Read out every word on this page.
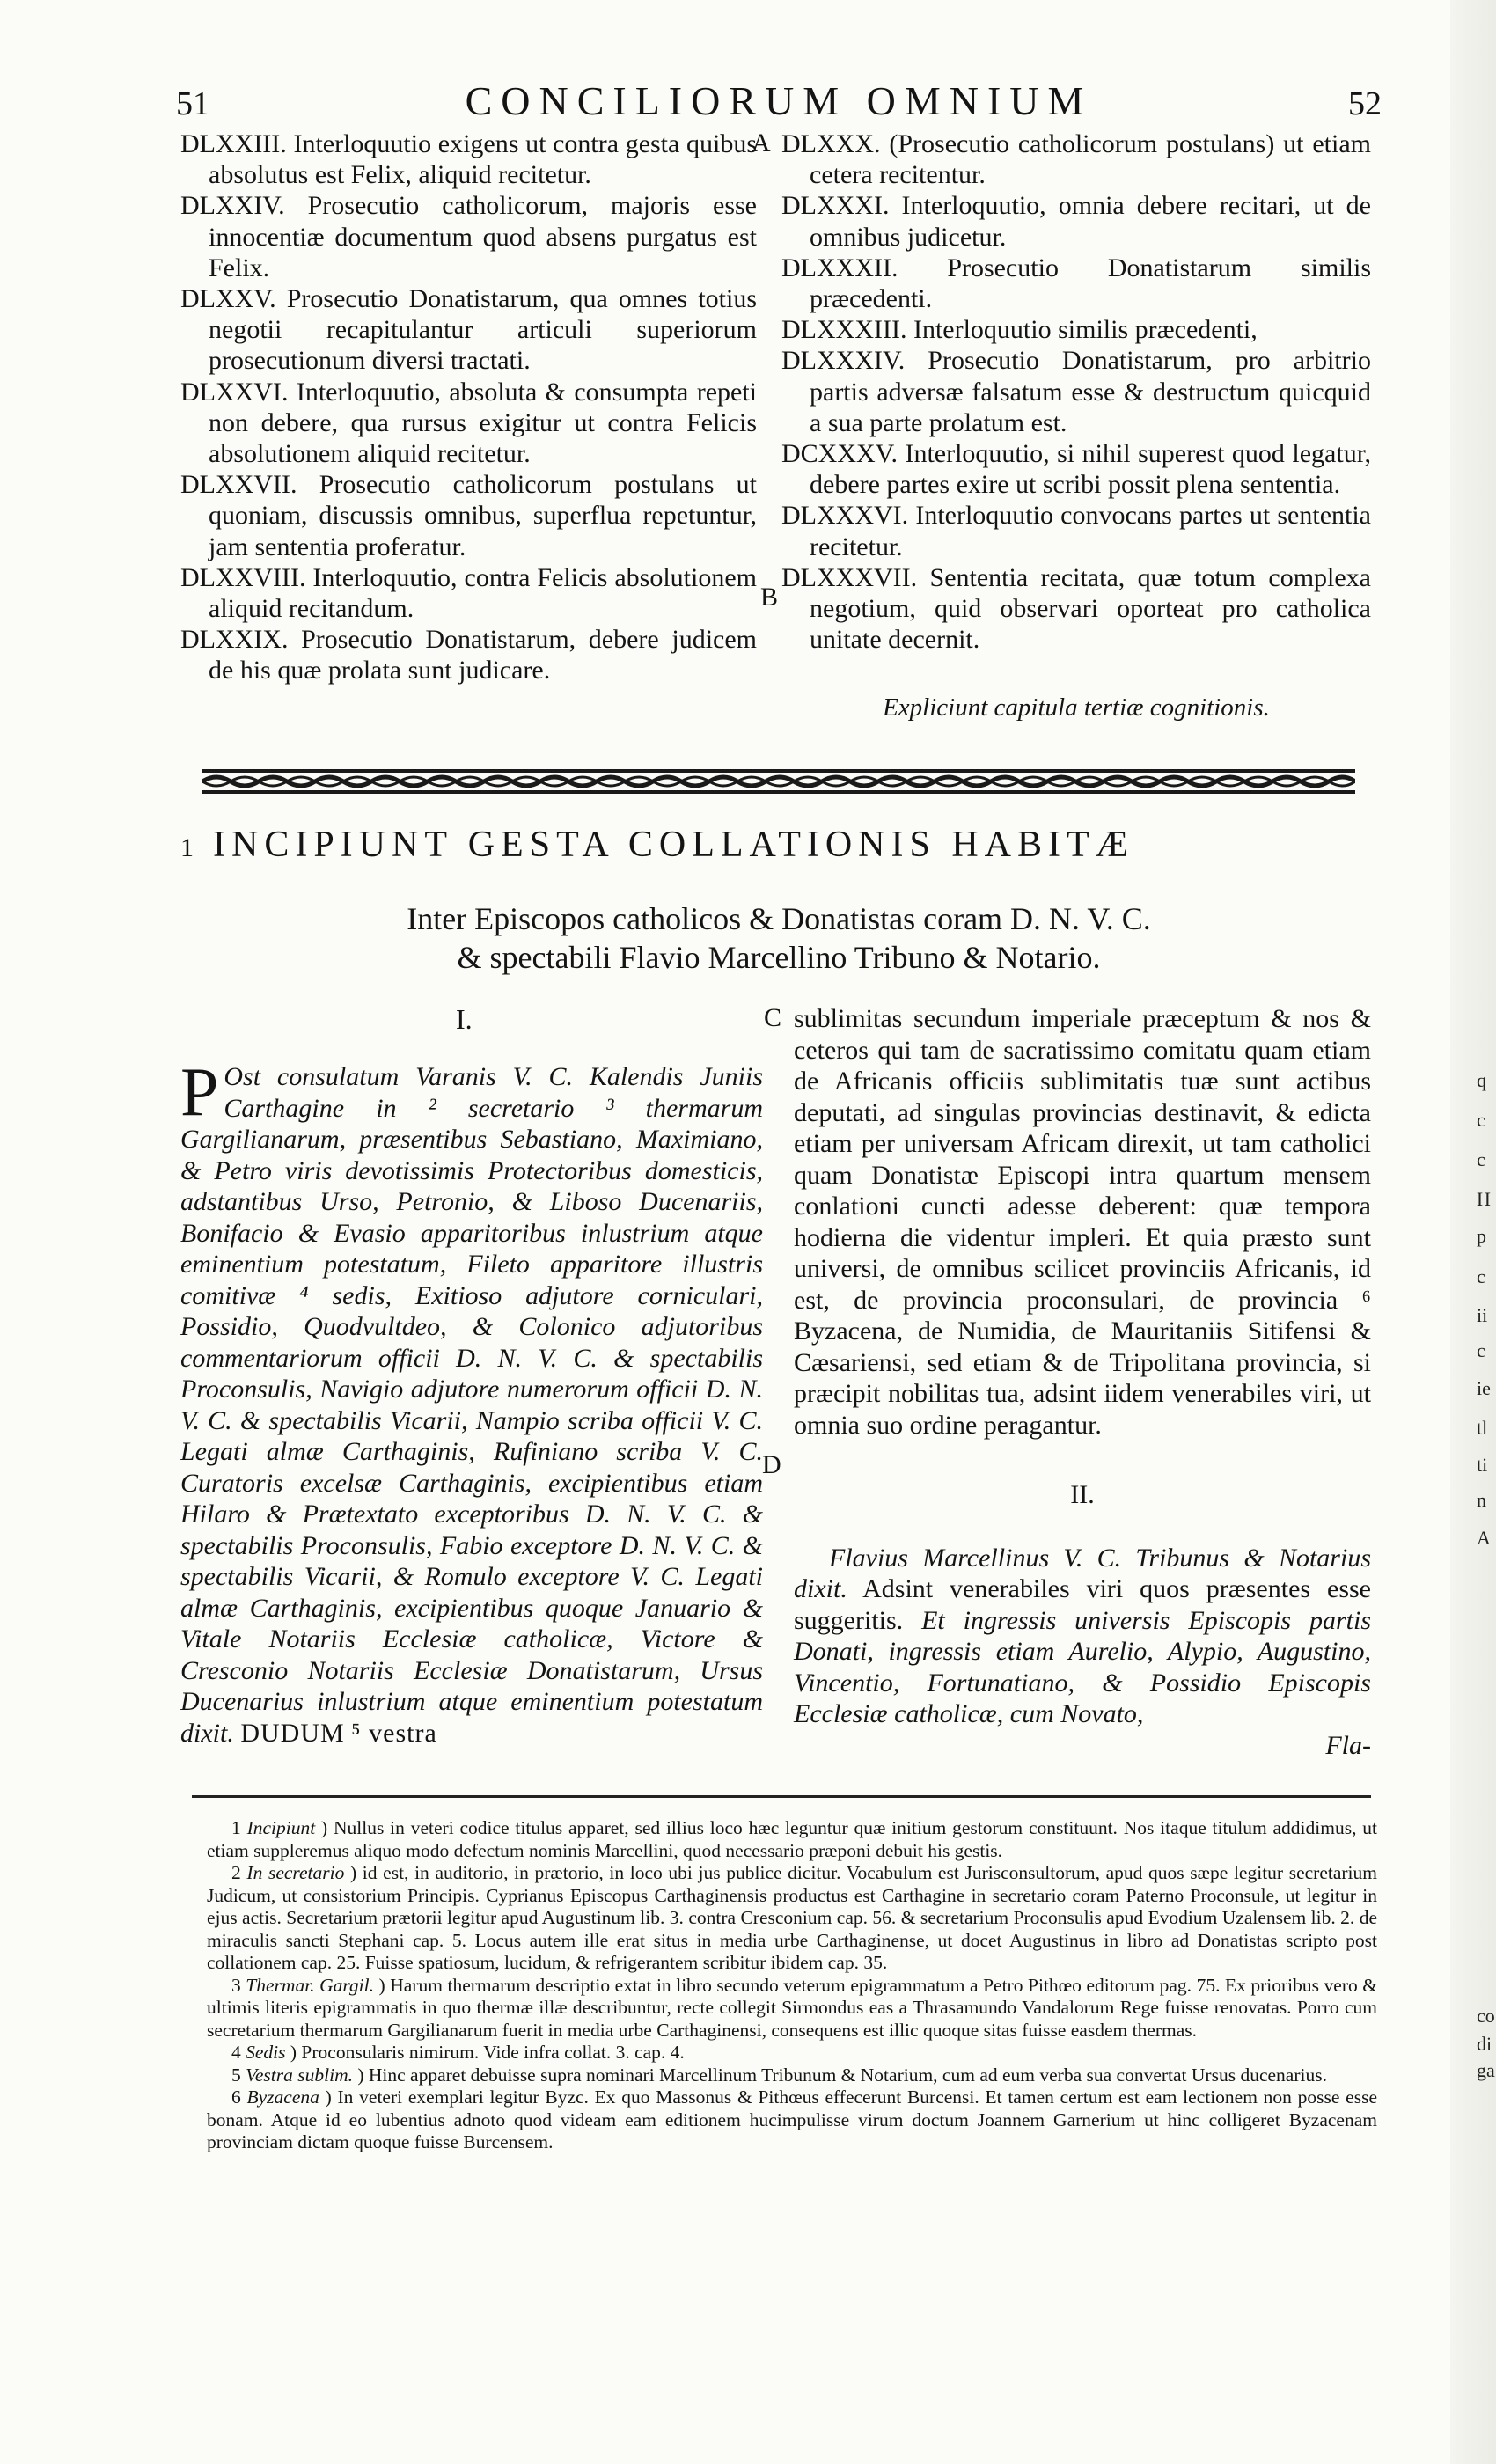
51	CONCILIORUM OMNIUM	52

DLXXIII. Interloquutio exigens ut contra gesta quibus absolutus est Felix, aliquid recitetur.

DLXXIV. Prosecutio catholicorum, majoris esse innocentiæ documentum quod absens purgatus est Felix.

DLXXV. Prosecutio Donatistarum, qua omnes totius negotii recapitulantur articuli superiorum prosecutionum diversi tractati.

DLXXVI. Interloquutio, absoluta & consumpta repeti non debere, qua rursus exigitur ut contra Felicis absolutionem aliquid recitetur.

DLXXVII. Prosecutio catholicorum postulans ut quoniam, discussis omnibus, superflua repetuntur, jam sententia proferatur.

DLXXVIII. Interloquutio, contra Felicis absolutionem aliquid recitandum.

DLXXIX. Prosecutio Donatistarum, debere judicem de his quæ prolata sunt judicare.

A
B

DLXXX. (Prosecutio catholicorum postulans) ut etiam cetera recitentur.

DLXXXI. Interloquutio, omnia debere recitari, ut de omnibus judicetur.

DLXXXII. Prosecutio Donatistarum similis præcedenti.

DLXXXIII. Interloquutio similis præcedenti,

DLXXXIV. Prosecutio Donatistarum, pro arbitrio partis adversæ falsatum esse & destructum quicquid a sua parte prolatum est.

DCXXXV. Interloquutio, si nihil superest quod legatur, debere partes exire ut scribi possit plena sententia.

DLXXXVI. Interloquutio convocans partes ut sententia recitetur.

DLXXXVII. Sententia recitata, quæ totum complexa negotium, quid observari oporteat pro catholica unitate decernit.

Expliciunt capitula tertiæ cognitionis.
1 INCIPIUNT GESTA COLLATIONIS HABITÆ
Inter Episcopos catholicos & Donatistas coram D. N. V. C.
& spectabili Flavio Marcellino Tribuno & Notario.
I.
P Ost consulatum Varanis V. C. Kalendis Juniis Carthagine in ² secretario ³ thermarum Gargilianarum, præsentibus Sebastiano, Maximiano, & Petro viris devotissimis Protectoribus domesticis, adstantibus Urso, Petronio, & Liboso Ducenariis, Bonifacio & Evasio apparitoribus inlustrium atque eminentium potestatum, Fileto apparitore illustris comitivæ ⁴ sedis, Exitioso adjutore corniculari, Possidio, Quodvultdeo, & Colonico adjutoribus commentariorum officii D. N. V. C. & spectabilis Proconsulis, Navigio adjutore numerorum officii D. N. V. C. & spectabilis Vicarii, Nampio scriba officii V. C. Legati almæ Carthaginis, Rufiniano scriba V. C. Curatoris excelsæ Carthaginis, excipientibus etiam Hilaro & Prætextato exceptoribus D. N. V. C. & spectabilis Proconsulis, Fabio exceptore D. N. V. C. & spectabilis Vicarii, & Romulo exceptore V. C. Legati almæ Carthaginis, excipientibus quoque Januario & Vitale Notariis Ecclesiæ catholicæ, Victore & Cresconio Notariis Ecclesiæ Donatistarum, Ursus Ducenarius inlustrium atque eminentium potestatum dixit. DUDUM ⁵ vestra
C
D

sublimitas secundum imperiale præceptum & nos & ceteros qui tam de sacratissimo comitatu quam etiam de Africanis officiis sublimitatis tuæ sunt actibus deputati, ad singulas provincias destinavit, & edicta etiam per universam Africam direxit, ut tam catholici quam Donatistæ Episcopi intra quartum mensem conlationi cuncti adesse deberent: quæ tempora hodierna die videntur impleri. Et quia præsto sunt universi, de omnibus scilicet provinciis Africanis, id est, de provincia proconsulari, de provincia ⁶ Byzacena, de Numidia, de Mauritaniis Sitifensi & Cæsariensi, sed etiam & de Tripolitana provincia, si præcipit nobilitas tua, adsint iidem venerabiles viri, ut omnia suo ordine peragantur.

II.

Flavius Marcellinus V. C. Tribunus & Notarius dixit. Adsint venerabiles viri quos præsentes esse suggeritis. Et ingressis universis Episcopis partis Donati, ingressis etiam Aurelio, Alypio, Augustino, Vincentio, Fortunatiano, & Possidio Episcopis Ecclesiæ catholicæ, cum Novato,

Fla-

1 Incipiunt ) Nullus in veteri codice titulus apparet, sed illius loco hæc leguntur quæ initium gestorum constituunt. Nos itaque titulum addidimus, ut etiam suppleremus aliquo modo defectum nominis Marcellini, quod necessario præponi debuit his gestis.

2 In secretario ) id est, in auditorio, in prætorio, in loco ubi jus publice dicitur. Vocabulum est Jurisconsultorum, apud quos sæpe legitur secretarium Judicum, ut consistorium Principis. Cyprianus Episcopus Carthaginensis productus est Carthagine in secretario coram Paterno Proconsule, ut legitur in ejus actis. Secretarium prætorii legitur apud Augustinum lib. 3. contra Cresconium cap. 56. & secretarium Proconsulis apud Evodium Uzalensem lib. 2. de miraculis sancti Stephani cap. 5. Locus autem ille erat situs in media urbe Carthaginense, ut docet Augustinus in libro ad Donatistas scripto post collationem cap. 25. Fuisse spatiosum, lucidum, & refrigerantem scribitur ibidem cap. 35.

3 Thermar. Gargil. ) Harum thermarum descriptio extat in libro secundo veterum epigrammatum a Petro Pithœo editorum pag. 75. Ex prioribus vero & ultimis literis epigrammatis in quo thermæ illæ describuntur, recte collegit Sirmondus eas a Thrasamundo Vandalorum Rege fuisse renovatas. Porro cum secretarium thermarum Gargilianarum fuerit in media urbe Carthaginensi, consequens est illic quoque sitas fuisse easdem thermas.

4 Sedis ) Proconsularis nimirum. Vide infra collat. 3. cap. 4.

5 Vestra sublim. ) Hinc apparet debuisse supra nominari Marcellinum Tribunum & Notarium, cum ad eum verba sua convertat Ursus ducenarius.

6 Byzacena ) In veteri exemplari legitur Byzc. Ex quo Massonus & Pithœus effecerunt Burcensi. Et tamen certum est eam lectionem non posse esse bonam. Atque id eo lubentius adnoto quod videam eam editionem hucimpulisse virum doctum Joannem Garnerium ut hinc colligeret Byzacenam provinciam dictam quoque fuisse Burcensem.

q
c
c
H
p
c
ii
c
ie
tl
ti
n
A
co
di
ga
